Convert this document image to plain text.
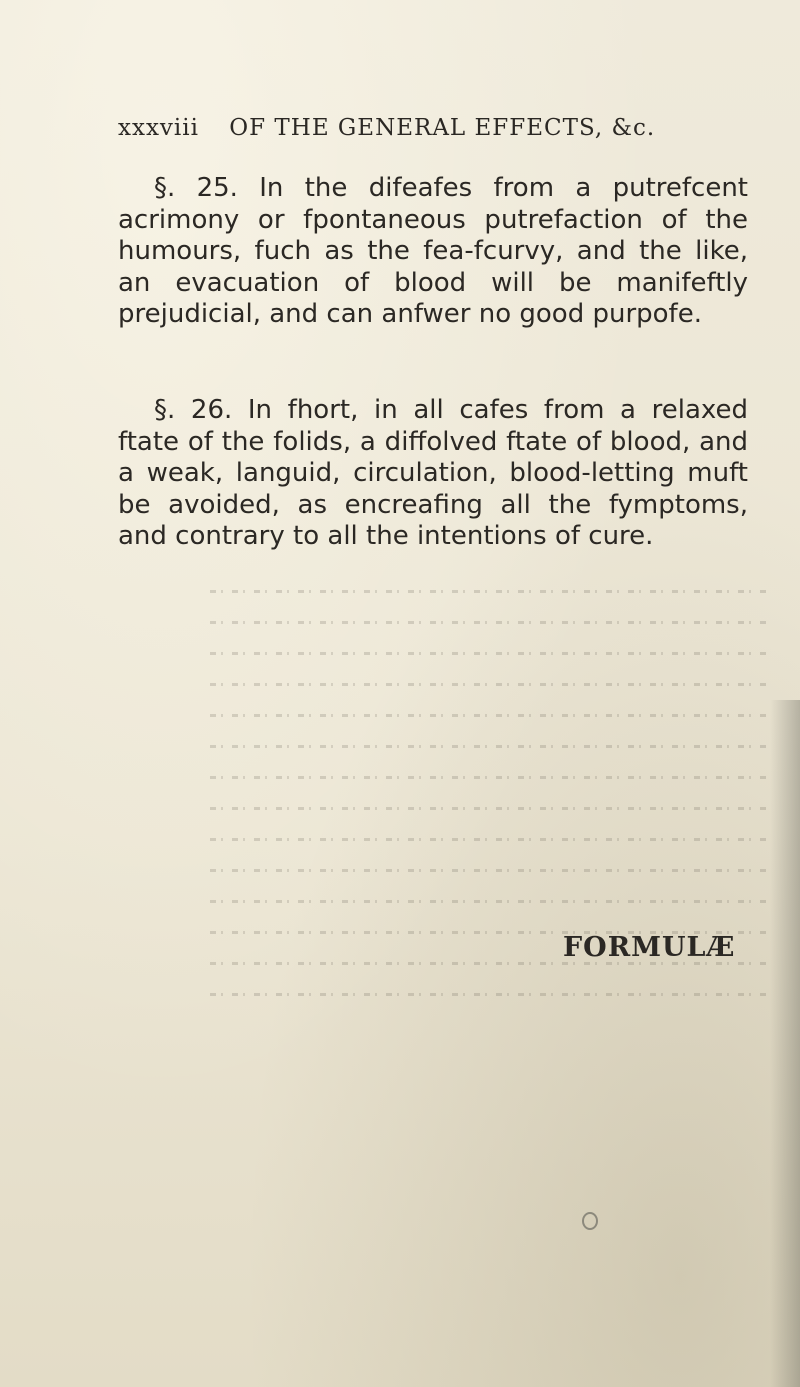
xxxviii OF THE GENERAL EFFECTS, &c.

§. 25. In the difeafes from a putrefcent acrimony or fpontaneous putrefaction of the humours, fuch as the fea-fcurvy, and the like, an evacuation of blood will be manifeftly prejudicial, and can anfwer no good purpofe.

§. 26. In fhort, in all cafes from a relaxed ftate of the folids, a diffolved ftate of blood, and a weak, languid, circulation, blood-letting muft be avoided, as encreafing all the fymptoms, and contrary to all the intentions of cure.

FORMULÆ
